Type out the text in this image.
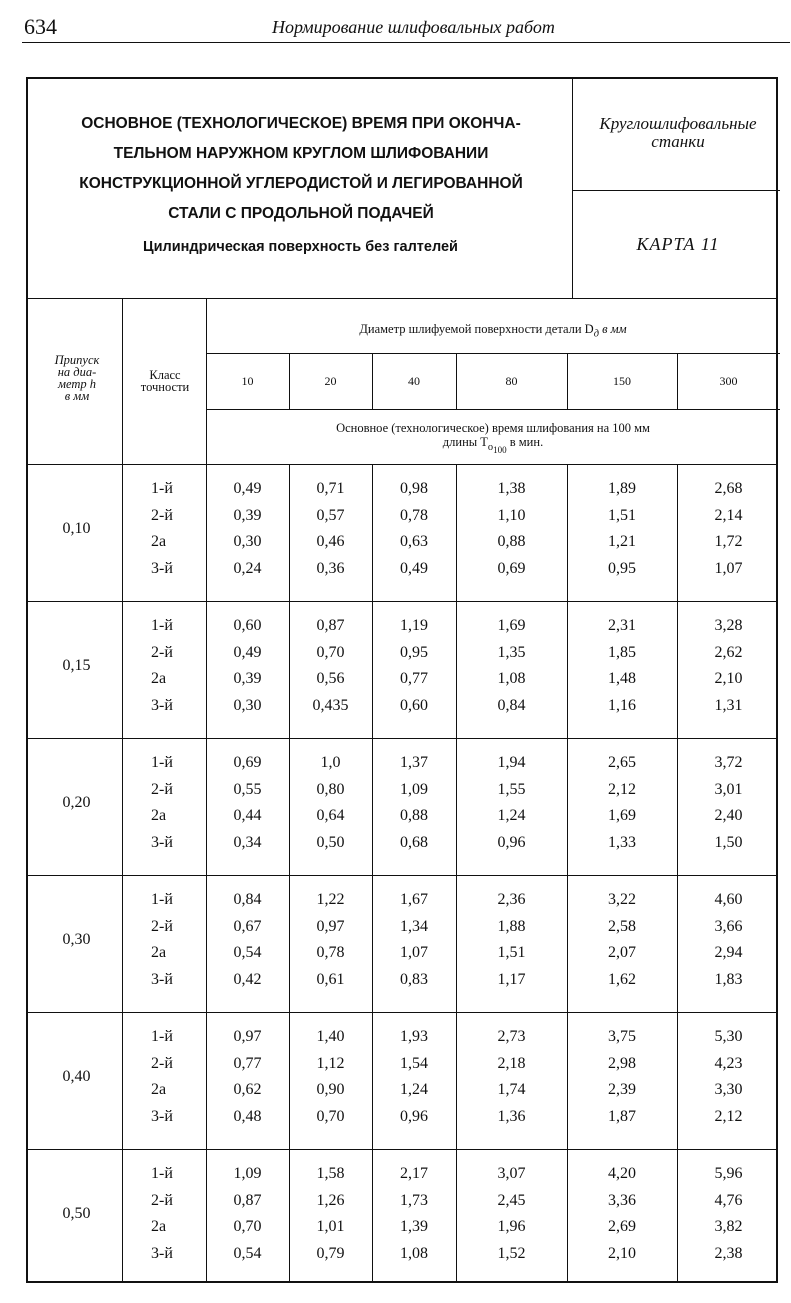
634	Нормирование шлифовальных работ
ОСНОВНОЕ (ТЕХНОЛОГИЧЕСКОЕ) ВРЕМЯ ПРИ ОКОНЧА-
ТЕЛЬНОМ НАРУЖНОМ КРУГЛОМ ШЛИФОВАНИИ
КОНСТРУКЦИОННОЙ УГЛЕРОДИСТОЙ И ЛЕГИРОВАННОЙ
СТАЛИ С ПРОДОЛЬНОЙ ПОДАЧЕЙ
Цилиндрическая поверхность без галтелей
Круглошлифовальные
станки
КАРТА 11
Припуск
на диа-
метр h
в мм
Класс
точности
Диаметр шлифуемой поверхности детали $D_д$ в мм
10	20	40	80	150	300
Основное (технологическое) время шлифования на 100 мм
длины $T_{o_{100}}$ в мин.
0,10
1-й	0,49	0,71	0,98	1,38	1,89	2,68
2-й	0,39	0,57	0,78	1,10	1,51	2,14
2а	0,30	0,46	0,63	0,88	1,21	1,72
3-й	0,24	0,36	0,49	0,69	0,95	1,07
0,15
1-й	0,60	0,87	1,19	1,69	2,31	3,28
2-й	0,49	0,70	0,95	1,35	1,85	2,62
2а	0,39	0,56	0,77	1,08	1,48	2,10
3-й	0,30	0,435	0,60	0,84	1,16	1,31
0,20
1-й	0,69	1,0	1,37	1,94	2,65	3,72
2-й	0,55	0,80	1,09	1,55	2,12	3,01
2а	0,44	0,64	0,88	1,24	1,69	2,40
3-й	0,34	0,50	0,68	0,96	1,33	1,50
0,30
1-й	0,84	1,22	1,67	2,36	3,22	4,60
2-й	0,67	0,97	1,34	1,88	2,58	3,66
2а	0,54	0,78	1,07	1,51	2,07	2,94
3-й	0,42	0,61	0,83	1,17	1,62	1,83
0,40
1-й	0,97	1,40	1,93	2,73	3,75	5,30
2-й	0,77	1,12	1,54	2,18	2,98	4,23
2а	0,62	0,90	1,24	1,74	2,39	3,30
3-й	0,48	0,70	0,96	1,36	1,87	2,12
0,50
1-й	1,09	1,58	2,17	3,07	4,20	5,96
2-й	0,87	1,26	1,73	2,45	3,36	4,76
2а	0,70	1,01	1,39	1,96	2,69	3,82
3-й	0,54	0,79	1,08	1,52	2,10	2,38
